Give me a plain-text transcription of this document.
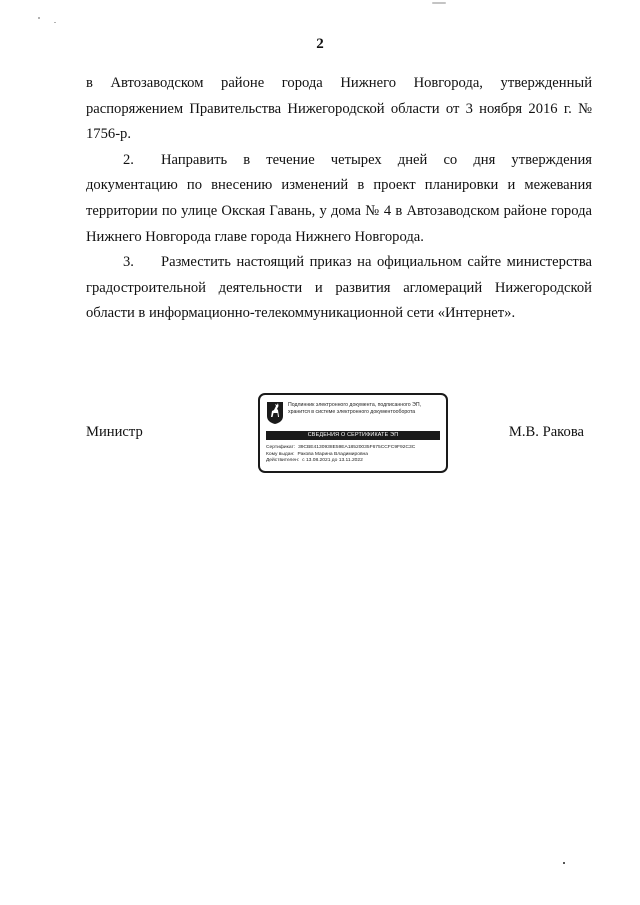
2

в Автозаводском районе города Нижнего Новгорода, утвержденный распоряжением Правительства Нижегородской области от 3 ноября 2016 г. № 1756-р.

2. Направить в течение четырех дней со дня утверждения документацию по внесению изменений в проект планировки и межевания территории по улице Окская Гавань, у дома № 4 в Автозаводском районе города Нижнего Новгорода главе города Нижнего Новгорода.

3. Разместить настоящий приказ на официальном сайте министерства градостроительной деятельности и развития агломераций Нижегородской области в информационно-телекоммуникационной сети «Интернет».

Министр
Подлинник электронного документа, подписанного ЭП,
хранится в системе электронного документооборота
СВЕДЕНИЯ О СЕРТИФИКАТЕ ЭП
Сертификат: 39CBE4130938E59EA18520035F675CCFC9F92C3C
Кому выдан: Ракова Марина Владимировна
Действителен: с 13.08.2021 до 13.11.2022
М.В. Ракова
